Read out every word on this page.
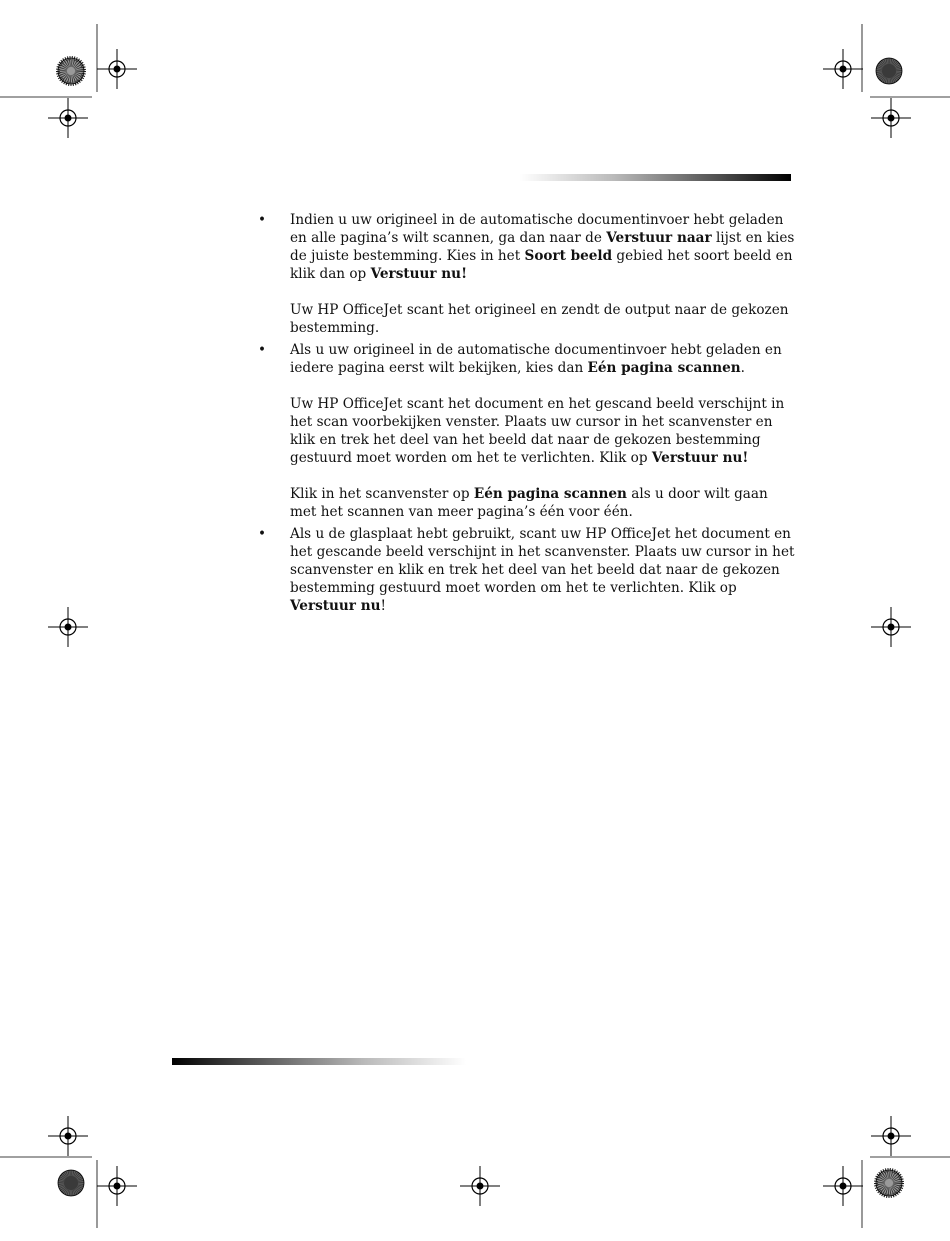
•	Indien u uw origineel in de automatische documentinvoer hebt geladen en alle pagina’s wilt scannen, ga dan naar de Verstuur naar lijst en kies de juiste bestemming. Kies in het Soort beeld gebied het soort beeld en klik dan op Verstuur nu!

Uw HP OfficeJet scant het origineel en zendt de output naar de gekozen bestemming.

•	Als u uw origineel in de automatische documentinvoer hebt geladen en iedere pagina eerst wilt bekijken, kies dan Eén pagina scannen.

Uw HP OfficeJet scant het document en het gescand beeld verschijnt in het scan voorbekijken venster. Plaats uw cursor in het scanvenster en klik en trek het deel van het beeld dat naar de gekozen bestemming gestuurd moet worden om het te verlichten. Klik op Verstuur nu!

Klik in het scanvenster op Eén pagina scannen als u door wilt gaan met het scannen van meer pagina’s één voor één.

•	Als u de glasplaat hebt gebruikt, scant uw HP OfficeJet het document en het gescande beeld verschijnt in het scanvenster. Plaats uw cursor in het scanvenster en klik en trek het deel van het beeld dat naar de gekozen bestemming gestuurd moet worden om het te verlichten. Klik op Verstuur nu!
